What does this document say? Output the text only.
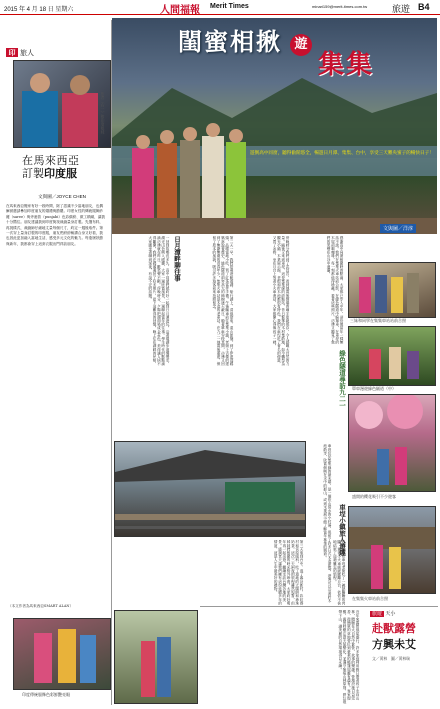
2015 年 4 月 18 日 星期六	人間福報 Merit Times	minari159@merit-times.com.tw	旅遊 B4
閨蜜相揪 遊
集集
遊倒高中同窗，聽得偷閒悠全，暢遊日月潭、集集、台中，享受三天難央蜜子的暢快日子！
文與圖／洋淳
印 旅人
作者（右一）和印度姐妹
在馬來西亞
訂製印度服
文與圖／JOYCE CHEN
在馬來西亞搬家有好一段時間，除了認識不少當地朋友，也偶爾被邀請參加印度朋友的婚禮與節慶。印度女性的傳統服飾紗麗（saree）與旁遮普（punjabi）色彩繽紛、做工精緻，讓我十分嚮往。朋友建議我到印度街找裁縫量身訂製。先選布料，再挑樣式，裁縫師仔細地丈量每個尺寸，約定一週後取件。第一次穿上量身訂製的印度服，朋友們紛紛稱讚合身又好看，我也因此更加融入當地生活，感受多元文化的魅力。每逢屠妖節與新年，我都會穿上這套衣服出門拜訪朋友。
（本文作者為馬來西亞SMART ALAN）
印度傳統服飾色彩鮮艷亮眼
日月潭畔聊往事
一回到故鄉沒多久，高中同窗們就約好一起到日月潭遊玩。沿著環湖步道慢慢走，湖光山色映入眼簾，大家一邊欣賞風景，一邊聊起當年的往事。學生時代的點點滴滴彷彿就在昨日，歡笑聲不斷。傍晚時分，夕陽把湖面染成金黃色，美得讓人捨不得離開。我們在碼頭邊拍了好多照片，留下這難得的回憶。晚上住在湖畔的民宿，大家圍坐著聊到深夜，有說不完的話題。	第二天一早，我們搭乘遊艇遊湖，船行湖上，清風徐來，遠山如黛。到了伊達邵碼頭，品嚐當地小吃，買了紅茶當伴手禮。午後驅車前往集集小鎮，老街上古樸的建築訴說著歷史，綠色隧道兩旁高大的樟樹遮天蔽日，騎著單車穿梭其間，彷彿又回到了無憂無慮的青春年少。集集火車站是木造的老車站，在九二一地震後重建，保留了原本的風貌，吸引許多遊客前來拍照留念。	傍晚時分我們到了武昌宮，看到地震後倒塌的廟宇原貌保存，令人感嘆大自然的力量。隨後又來到車埕，這是集集線的終點站，昔日繁華的木材集散地，如今轉型為觀光小鎮，木業展示館、老街和貯木池都很有特色。我們在車埕吃了著名的便當，又買了冰棒，坐在月台上等著小火車進站，大家都開心得像孩子一樣。
第三天來到台中，逛了審計新村、彩虹眷村和宮原眼科，吃了道地的太陽餅和珍珠奶茶。這次三天兩夜的旅程雖然短暫，但姊妹們相聚的時光格外珍貴。大家約好明年再一起出遊，繼續走訪台灣各地的美景。感謝老天讓我們擁有這份延續多年的情誼，這是人生中最美好的禮物。
感謝高中同窗相聚時的點滴，大家都已步入中年，卻仍像當年一樣無話不談。我們在集集火車站前合影，在綠色隧道中騎單車，在車埕的木屋前喝咖啡，每一刻都值得珍藏。看著這些照片，彷彿又聽見了我們的笑聲在山谷中迴盪。
三妹和同學在集集車站站前合照
單車漫遊綠色隧道（中）
綠色隧道尋訪九二一
盛開的櫻花吸引不少遊客
車埕小鎮旅人遊趣
車埕位於集集線的最末端，是一個依山傍水的小村落，保留了許多日式木造建築。遊客可以沿著貯木池散步，欣賞倒映在水中的群山，或到木業展示館了解當年林業的興衰。
在集集火車站前合照
我們最後在車埕老街吃了一碗熱騰騰的肉圓，看著小火車緩緩駛離月台，依依不捨地結束了這趟難忘的旅程。
近年來露營風氣盛行，許多家庭利用假日帶著孩子走向山林，體驗在大自然中紮營、炊事的樂趣。營地設施日益完善，從簡單的草地營位到豪華的帳篷屋應有盡有。專家提醒，露營時應注意天氣變化，並遵守無痕山林原則，將垃圾帶下山，讓美麗的自然環境得以永續。	旅遊 天小
赴獸露營
方興未艾
文／黃林　圖／黃林瑞
